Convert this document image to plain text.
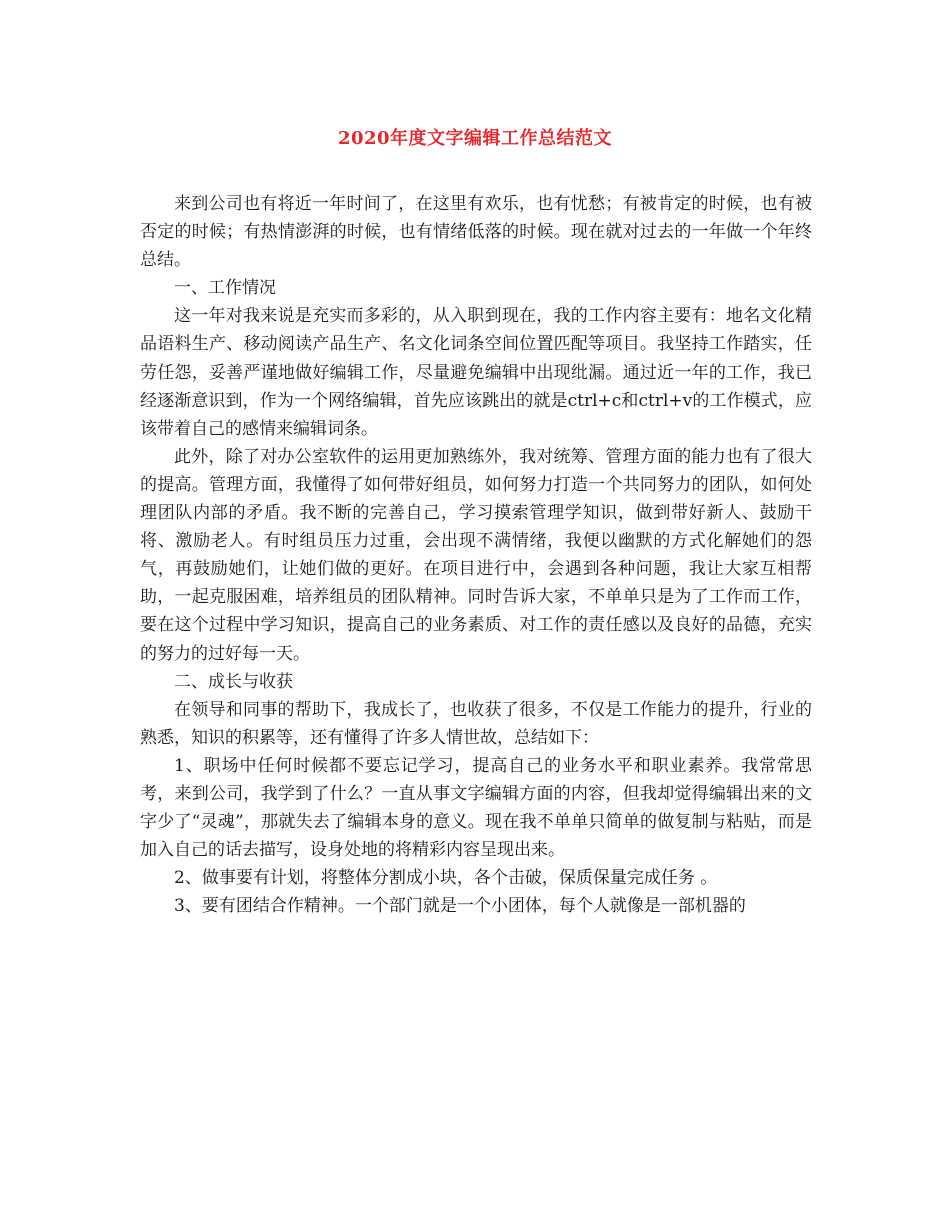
2020年度文字编辑工作总结范文

来到公司也有将近一年时间了，在这里有欢乐，也有忧愁；有被肯定的时候，也有被否定的时候；有热情澎湃的时候，也有情绪低落的时候。现在就对过去的一年做一个年终总结。

一、工作情况

这一年对我来说是充实而多彩的，从入职到现在，我的工作内容主要有：地名文化精品语料生产、移动阅读产品生产、名文化词条空间位置匹配等项目。我坚持工作踏实，任劳任怨，妥善严谨地做好编辑工作，尽量避免编辑中出现纰漏。通过近一年的工作，我已经逐渐意识到，作为一个网络编辑，首先应该跳出的就是ctrl+c和ctrl+v的工作模式，应该带着自己的感情来编辑词条。

此外，除了对办公室软件的运用更加熟练外，我对统筹、管理方面的能力也有了很大的提高。管理方面，我懂得了如何带好组员，如何努力打造一个共同努力的团队，如何处理团队内部的矛盾。我不断的完善自己，学习摸索管理学知识，做到带好新人、鼓励干将、激励老人。有时组员压力过重，会出现不满情绪，我便以幽默的方式化解她们的怨气，再鼓励她们，让她们做的更好。在项目进行中，会遇到各种问题，我让大家互相帮助，一起克服困难，培养组员的团队精神。同时告诉大家，不单单只是为了工作而工作，要在这个过程中学习知识，提高自己的业务素质、对工作的责任感以及良好的品德，充实的努力的过好每一天。

二、成长与收获

在领导和同事的帮助下，我成长了，也收获了很多，不仅是工作能力的提升，行业的熟悉，知识的积累等，还有懂得了许多人情世故，总结如下：

1、职场中任何时候都不要忘记学习，提高自己的业务水平和职业素养。我常常思考，来到公司，我学到了什么？一直从事文字编辑方面的内容，但我却觉得编辑出来的文字少了“灵魂”，那就失去了编辑本身的意义。现在我不单单只简单的做复制与粘贴，而是加入自己的话去描写，设身处地的将精彩内容呈现出来。

2、做事要有计划，将整体分割成小块，各个击破，保质保量完成任务 。

3、要有团结合作精神。一个部门就是一个小团体，每个人就像是一部机器的
